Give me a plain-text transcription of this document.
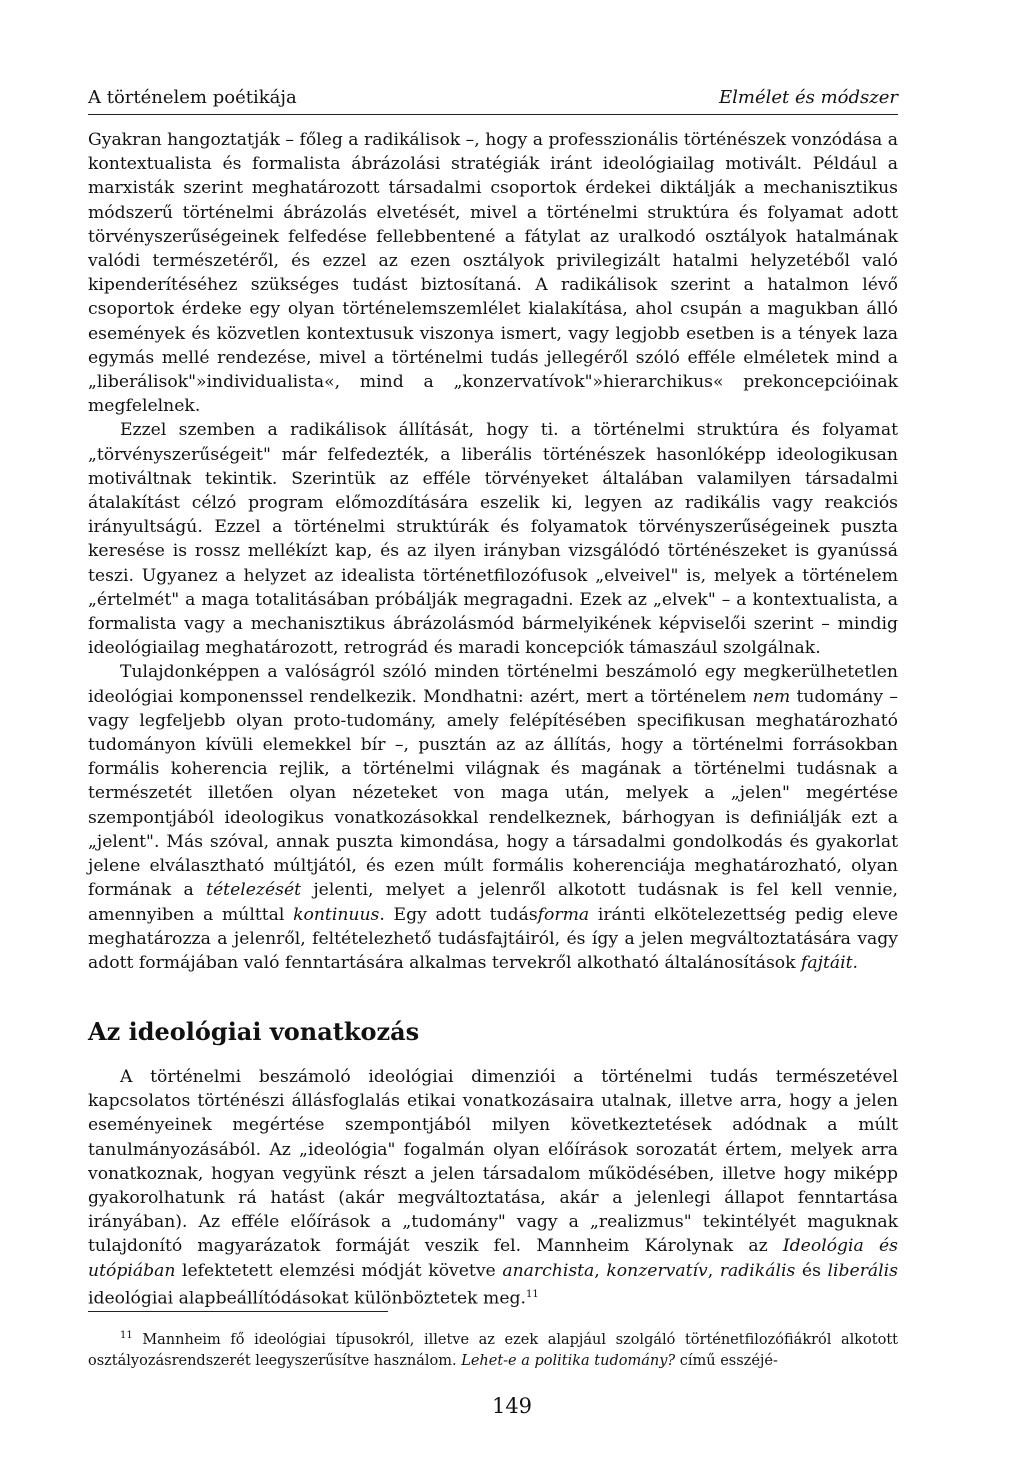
A történelem poétikája	Elmélet és módszer

Gyakran hangoztatják – főleg a radikálisok –, hogy a professzionális történészek vonzódása a kontextualista és formalista ábrázolási stratégiák iránt ideológiailag motivált. Például a marxisták szerint meghatározott társadalmi csoportok érdekei diktálják a mechanisztikus módszerű történelmi ábrázolás elvetését, mivel a történelmi struktúra és folyamat adott törvényszerűségeinek felfedése fellebbentené a fátylat az uralkodó osztályok hatalmának valódi természetéről, és ezzel az ezen osztályok privilegizált hatalmi helyzetéből való kipenderítéséhez szükséges tudást biztosítaná. A radikálisok szerint a hatalmon lévő csoportok érdeke egy olyan történelemszemlélet kialakítása, ahol csupán a magukban álló események és közvetlen kontextusuk viszonya ismert, vagy legjobb esetben is a tények laza egymás mellé rendezése, mivel a történelmi tudás jellegéről szóló efféle elméletek mind a „liberálisok"»individualista«, mind a „konzervatívok"»hierarchikus« prekoncepcióinak megfelelnek.

Ezzel szemben a radikálisok állítását, hogy ti. a történelmi struktúra és folyamat „törvényszerűségeit" már felfedezték, a liberális történészek hasonlóképp ideologikusan motiváltnak tekintik. Szerintük az efféle törvényeket általában valamilyen társadalmi átalakítást célzó program előmozdítására eszelik ki, legyen az radikális vagy reakciós irányultságú. Ezzel a történelmi struktúrák és folyamatok törvényszerűségeinek puszta keresése is rossz mellékízt kap, és az ilyen irányban vizsgálódó történészeket is gyanússá teszi. Ugyanez a helyzet az idealista történetfilozófusok „elveivel" is, melyek a történelem „értelmét" a maga totalitásában próbálják megragadni. Ezek az „elvek" – a kontextualista, a formalista vagy a mechanisztikus ábrázolásmód bármelyikének képviselői szerint – mindig ideológiailag meghatározott, retrográd és maradi koncepciók támaszául szolgálnak.

Tulajdonképpen a valóságról szóló minden történelmi beszámoló egy megkerülhetetlen ideológiai komponenssel rendelkezik. Mondhatni: azért, mert a történelem nem tudomány – vagy legfeljebb olyan proto-tudomány, amely felépítésében specifikusan meghatározható tudományon kívüli elemekkel bír –, pusztán az az állítás, hogy a történelmi forrásokban formális koherencia rejlik, a történelmi világnak és magának a történelmi tudásnak a természetét illetően olyan nézeteket von maga után, melyek a „jelen" megértése szempontjából ideologikus vonatkozásokkal rendelkeznek, bárhogyan is definiálják ezt a „jelent". Más szóval, annak puszta kimondása, hogy a társadalmi gondolkodás és gyakorlat jelene elválasztható múltjától, és ezen múlt formális koherenciája meghatározható, olyan formának a tételezését jelenti, melyet a jelenről alkotott tudásnak is fel kell vennie, amennyiben a múlttal kontinuus. Egy adott tudásforma iránti elkötelezettség pedig eleve meghatározza a jelenről, feltételezhető tudásfajtáiról, és így a jelen megváltoztatására vagy adott formájában való fenntartására alkalmas tervekről alkotható általánosítások fajtáit.

Az ideológiai vonatkozás

A történelmi beszámoló ideológiai dimenziói a történelmi tudás természetével kapcsolatos történészi állásfoglalás etikai vonatkozásaira utalnak, illetve arra, hogy a jelen eseményeinek megértése szempontjából milyen következtetések adódnak a múlt tanulmányozásából. Az „ideológia" fogalmán olyan előírások sorozatát értem, melyek arra vonatkoznak, hogyan vegyünk részt a jelen társadalom működésében, illetve hogy miképp gyakorolhatunk rá hatást (akár megváltoztatása, akár a jelenlegi állapot fenntartása irányában). Az efféle előírások a „tudomány" vagy a „realizmus" tekintélyét maguknak tulajdonító magyarázatok formáját veszik fel. Mannheim Károlynak az Ideológia és utópiában lefektetett elemzési módját követve anarchista, konzervatív, radikális és liberális ideológiai alapbeállítódásokat különböztetek meg.$^{11}$

$^{11}$ Mannheim fő ideológiai típusokról, illetve az ezek alapjául szolgáló történetfilozófiákról alkotott osztályozásrendszerét leegyszerűsítve használom. Lehet-e a politika tudomány? című esszéjé-
149
